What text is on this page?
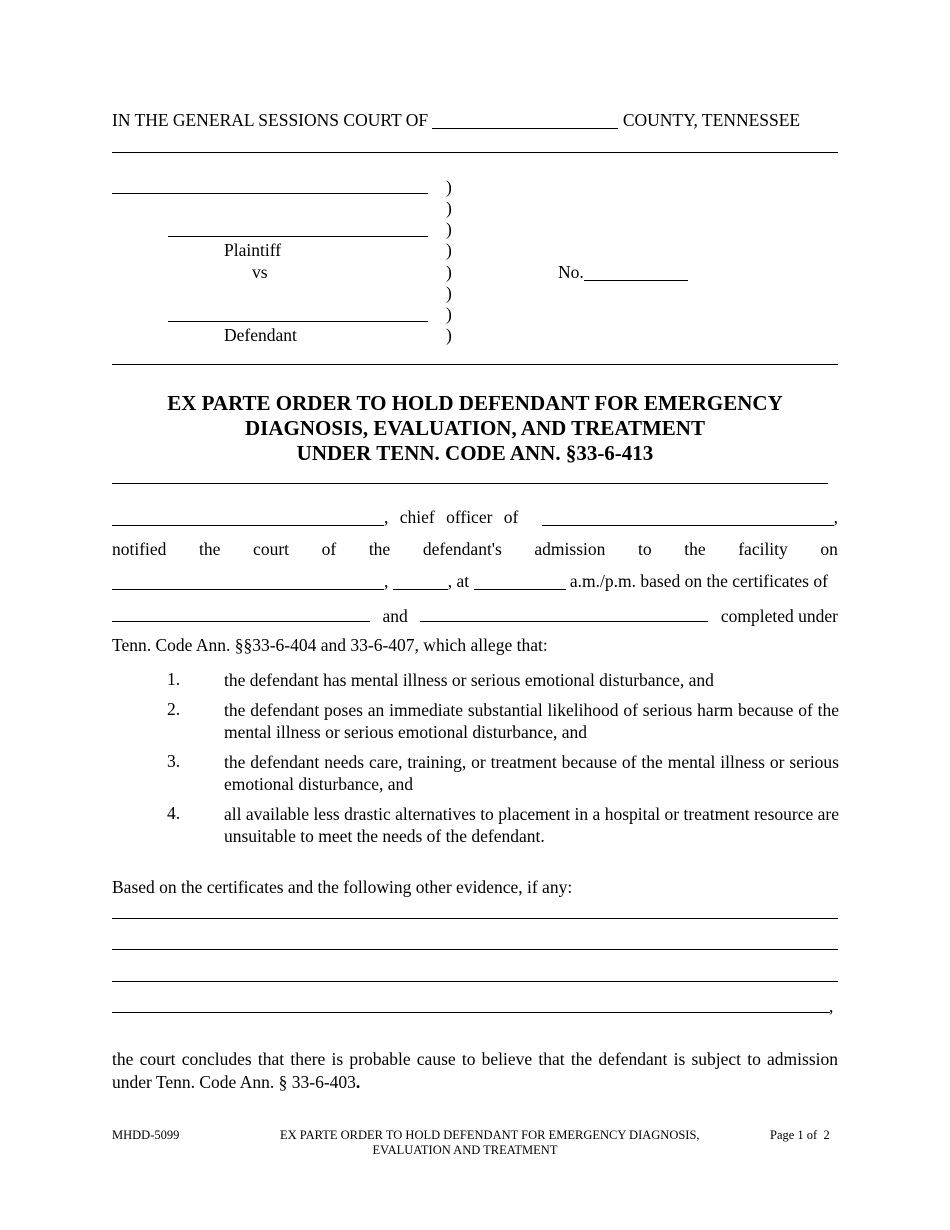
IN THE GENERAL SESSIONS COURT OF	COUNTY, TENNESSEE
Plaintiff
vs
Defendant
)
)
)
)
)
)
)
)
No.
EX PARTE ORDER TO HOLD DEFENDANT FOR EMERGENCY
DIAGNOSIS, EVALUATION, AND TREATMENT
UNDER TENN. CODE ANN. §33-6-413
, chief officer of	,
notified the court of the defendant's admission to the facility on
,	, at	a.m./p.m. based on the certificates of
and	completed under
Tenn. Code Ann. §§33-6-404 and 33-6-407, which allege that:
1.	the defendant has mental illness or serious emotional disturbance, and
2.	the defendant poses an immediate substantial likelihood of serious harm because of the mental illness or serious emotional disturbance, and
3.	the defendant needs care, training, or treatment because of the mental illness or serious emotional disturbance, and
4.	all available less drastic alternatives to placement in a hospital or treatment resource are unsuitable to meet the needs of the defendant.
Based on the certificates and the following other evidence, if any:
,
the court concludes that there is probable cause to believe that the defendant is subject to admission under Tenn. Code Ann. § 33-6-403.
MHDD-5099	EX PARTE ORDER TO HOLD DEFENDANT FOR EMERGENCY DIAGNOSIS,
EVALUATION AND TREATMENT
Page 1 of  2
